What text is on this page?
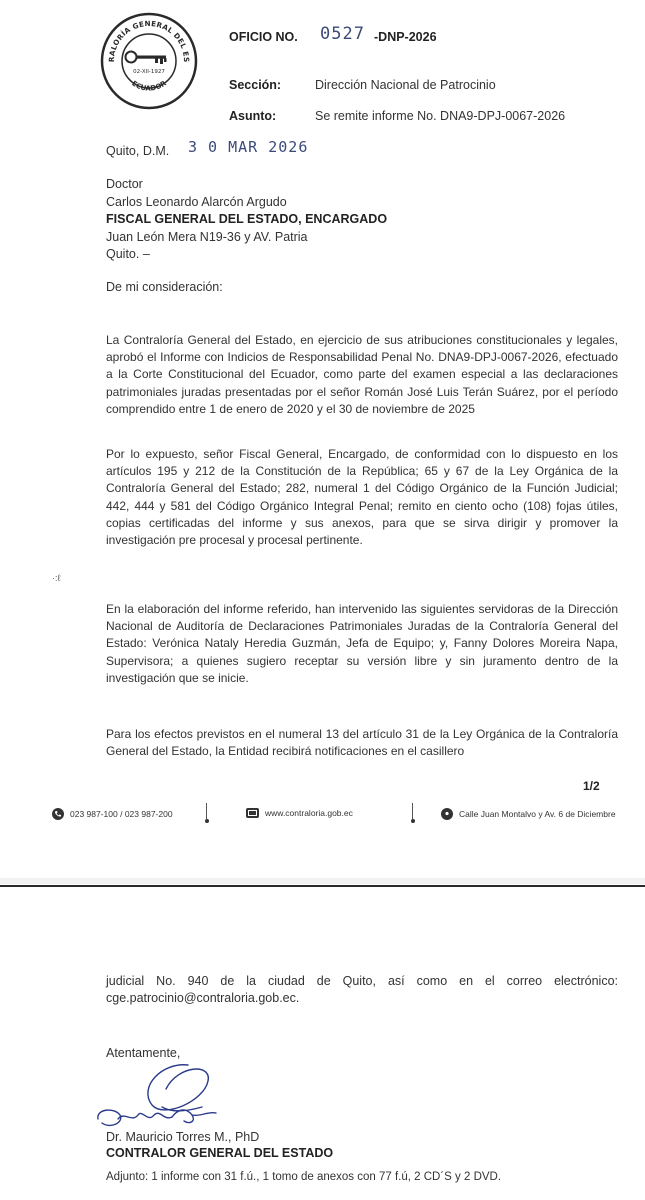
RALORÍA GENERAL DEL ES
ECUADOR
02-XII-1927
OFICIO NO. 0527 -DNP-2026
Sección:	Dirección Nacional de Patrocinio
Asunto:	Se remite informe No. DNA9-DPJ-0067-2026
Quito, D.M. 3 0 MAR 2026
Doctor
Carlos Leonardo Alarcón Argudo
FISCAL GENERAL DEL ESTADO, ENCARGADO
Juan León Mera N19-36 y AV. Patria
Quito. –
De mi consideración:
La Contraloría General del Estado, en ejercicio de sus atribuciones constitucionales y legales, aprobó el Informe con Indicios de Responsabilidad Penal No. DNA9-DPJ-0067-2026, efectuado a la Corte Constitucional del Ecuador, como parte del examen especial a las declaraciones patrimoniales juradas presentadas por el señor Román José Luis Terán Suárez, por el período comprendido entre 1 de enero de 2020 y el 30 de noviembre de 2025
Por lo expuesto, señor Fiscal General, Encargado, de conformidad con lo dispuesto en los artículos 195 y 212 de la Constitución de la República; 65 y 67 de la Ley Orgánica de la Contraloría General del Estado; 282, numeral 1 del Código Orgánico de la Función Judicial; 442, 444 y 581 del Código Orgánico Integral Penal; remito en ciento ocho (108) fojas útiles, copias certificadas del informe y sus anexos, para que se sirva dirigir y promover la investigación pre procesal y procesal pertinente.
·:ℓ
En la elaboración del informe referido, han intervenido las siguientes servidoras de la Dirección Nacional de Auditoría de Declaraciones Patrimoniales Juradas de la Contraloría General del Estado: Verónica Nataly Heredia Guzmán, Jefa de Equipo; y, Fanny Dolores Moreira Napa, Supervisora; a quienes sugiero receptar su versión libre y sin juramento dentro de la investigación que se inicie.
Para los efectos previstos en el numeral 13 del artículo 31 de la Ley Orgánica de la Contraloría General del Estado, la Entidad recibirá notificaciones en el casillero
1/2
023 987-100 / 023 987-200	www.contraloria.gob.ec	Calle Juan Montalvo y Av. 6 de Diciembre
judicial No. 940 de la ciudad de Quito, así como en el correo electrónico: cge.patrocinio@contraloria.gob.ec.
Atentamente,
Dr. Mauricio Torres M., PhD
CONTRALOR GENERAL DEL ESTADO
Adjunto: 1 informe con 31 f.ú., 1 tomo de anexos con 77 f.ú, 2 CD´S y 2 DVD.
